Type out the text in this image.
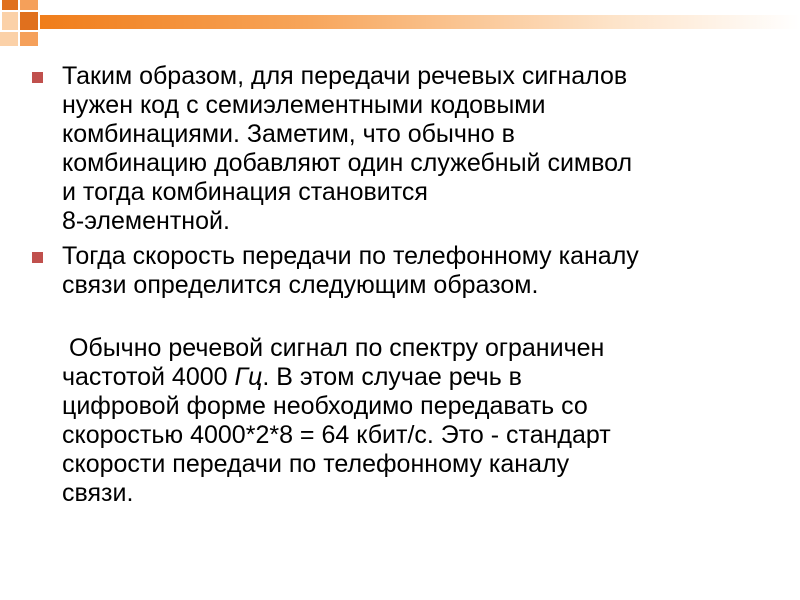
Таким образом, для передачи речевых сигналов
нужен код с семиэлементными кодовыми
комбинациями. Заметим, что обычно в
комбинацию добавляют один служебный символ
и тогда комбинация становится
8-элементной.
Тогда скорость передачи по телефонному каналу
связи определится следующим образом.
Обычно речевой сигнал по спектру ограничен
частотой 4000 Гц. В этом случае речь в
цифровой форме необходимо передавать со
скоростью 4000*2*8 = 64 кбит/с. Это - стандарт
скорости передачи по телефонному каналу
связи.
